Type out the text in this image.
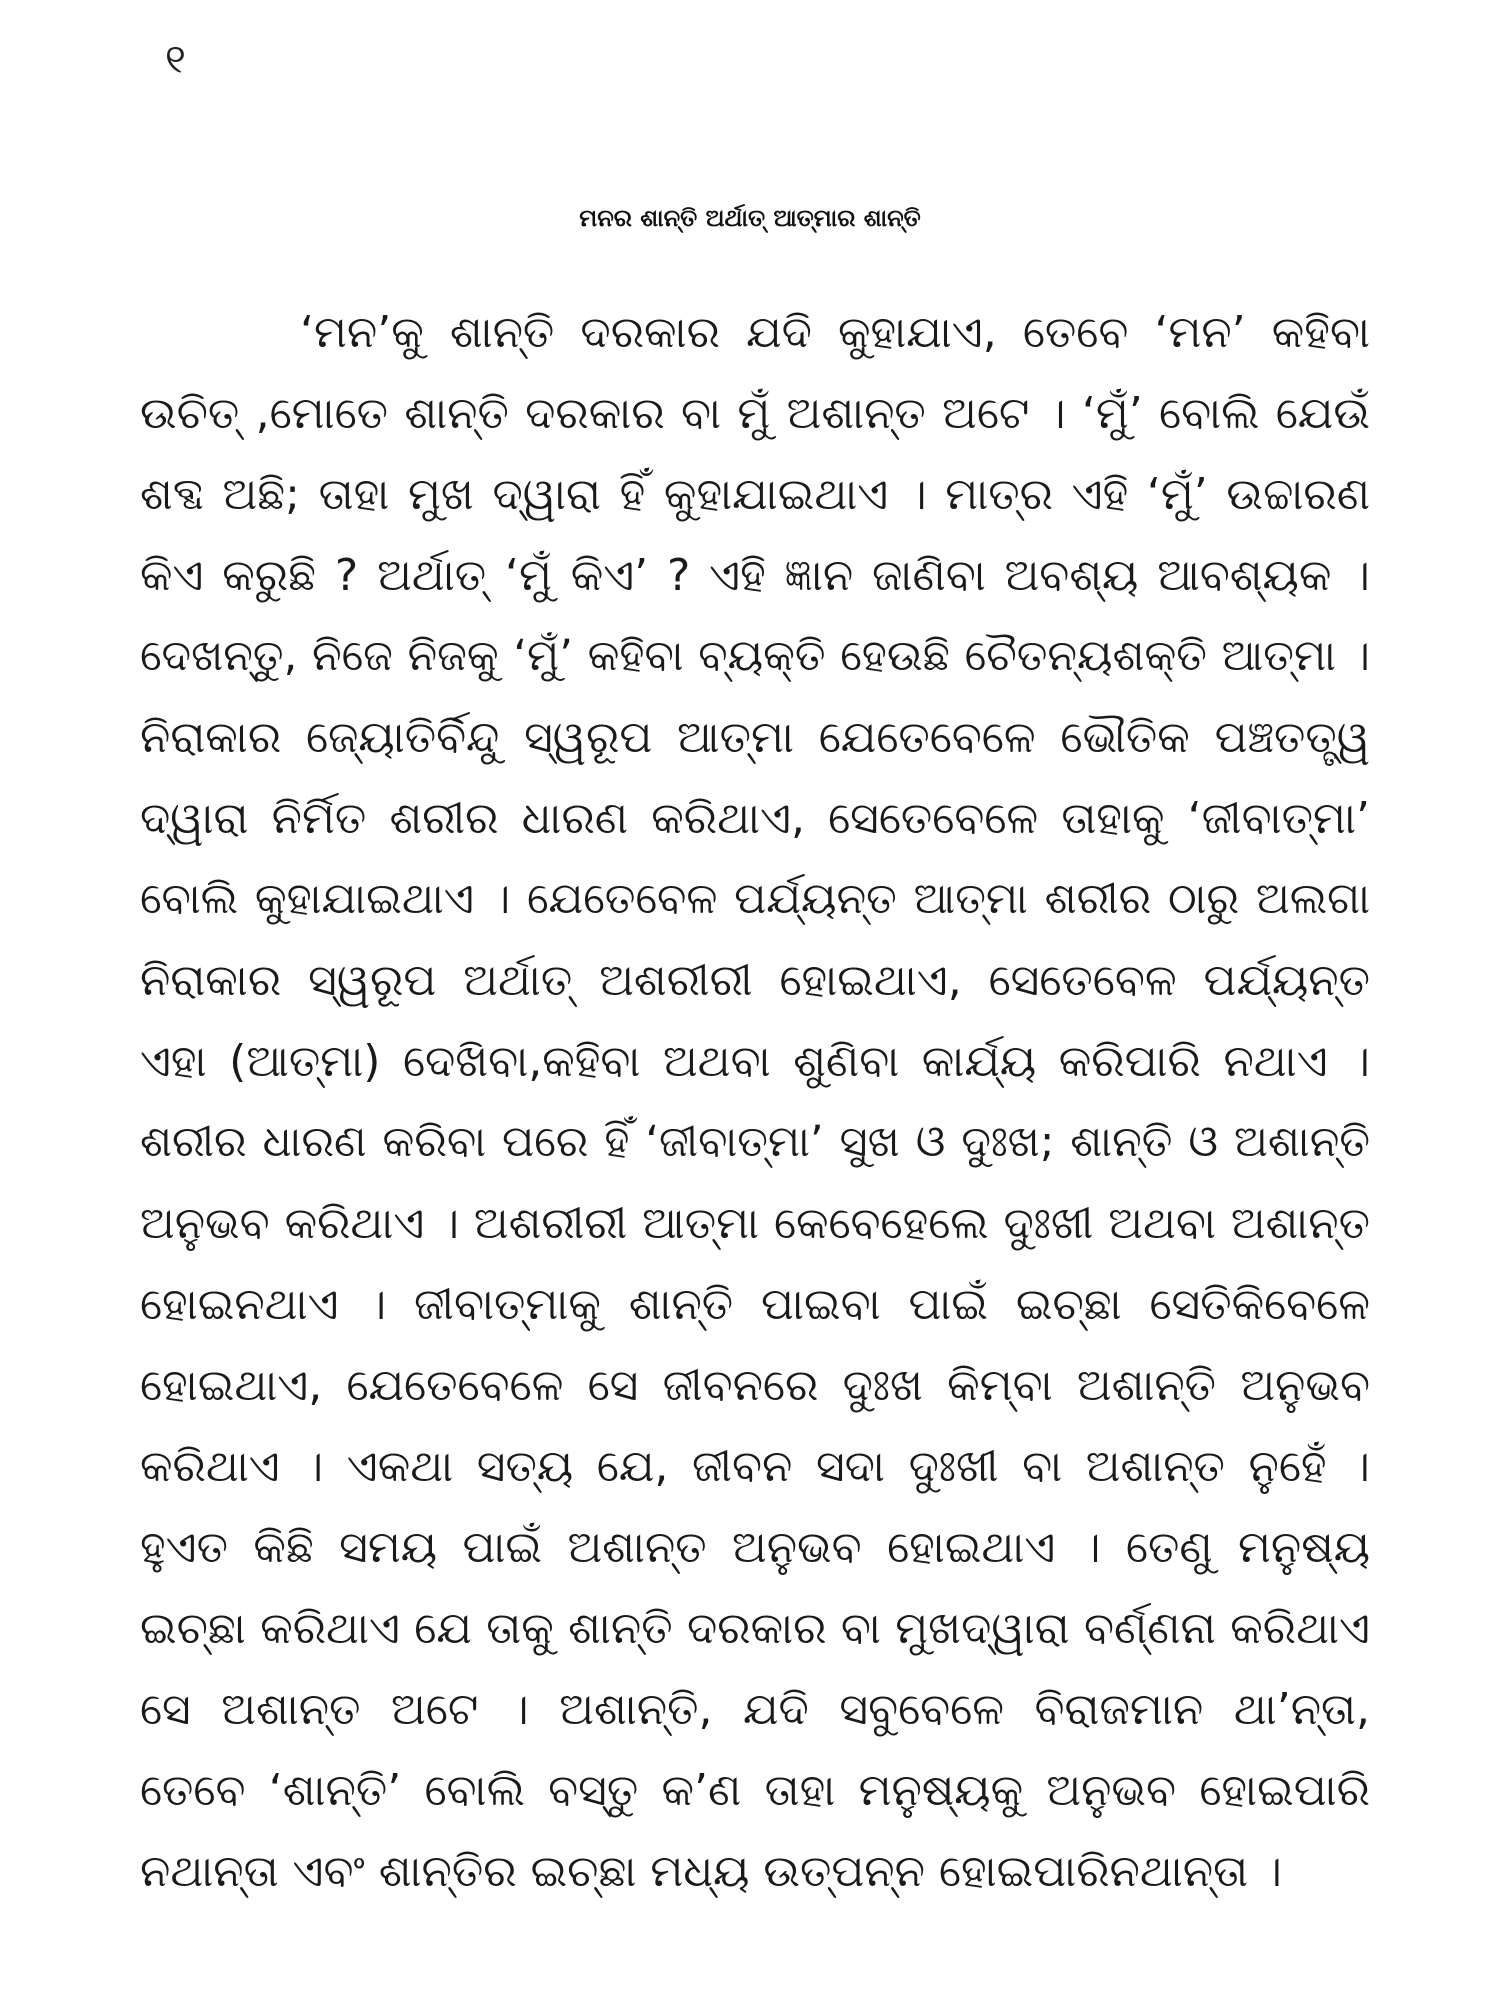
୧
ମନର ଶାନ୍ତି ଅର୍ଥାତ୍ ଆତ୍ମାର ଶାନ୍ତି
‘ମନ’କୁ ଶାନ୍ତି ଦରକାର ଯଦି କୁହାଯାଏ, ତେବେ ‘ମନ’ କହିବା
ଉଚିତ୍ ,ମୋତେ ଶାନ୍ତି ଦରକାର ବା ମୁଁ ଅଶାନ୍ତ ଅଟେ । ‘ମୁଁ’ ବୋଲି ଯେଉଁ
ଶବ୍ଦ ଅଛି; ତାହା ମୁଖ ଦ୍ୱାରା ହିଁ କୁହାଯାଇଥାଏ । ମାତ୍ର ଏହି ‘ମୁଁ’ ଉଚ୍ଚାରଣ
କିଏ କରୁଛି ? ଅର୍ଥାତ୍ ‘ମୁଁ କିଏ’ ? ଏହି ଜ୍ଞାନ ଜାଣିବା ଅବଶ୍ୟ ଆବଶ୍ୟକ ।
ଦେଖନ୍ତୁ, ନିଜେ ନିଜକୁ ‘ମୁଁ’ କହିବା ବ୍ୟକ୍ତି ହେଉଛି ଚୈତନ୍ୟଶକ୍ତି ଆତ୍ମା ।
ନିରାକାର ଜ୍ୟୋତିର୍ବିନ୍ଦୁ ସ୍ୱରୂପ ଆତ୍ମା ଯେତେବେଳେ ଭୌତିକ ପଞ୍ଚତତ୍ତ୍ୱ
ଦ୍ୱାରା ନିର୍ମିତ ଶରୀର ଧାରଣ କରିଥାଏ, ସେତେବେଳେ ତାହାକୁ ‘ଜୀବାତ୍ମା’
ବୋଲି କୁହାଯାଇଥାଏ । ଯେତେବେଳ ପର୍ଯ୍ୟନ୍ତ ଆତ୍ମା ଶରୀର ଠାରୁ ଅଲଗା
ନିରାକାର ସ୍ୱରୂପ ଅର୍ଥାତ୍ ଅଶରୀରୀ ହୋଇଥାଏ, ସେତେବେଳ ପର୍ଯ୍ୟନ୍ତ
ଏହା (ଆତ୍ମା) ଦେଖିବା,କହିବା ଅଥବା ଶୁଣିବା କାର୍ଯ୍ୟ କରିପାରି ନଥାଏ ।
ଶରୀର ଧାରଣ କରିବା ପରେ ହିଁ ‘ଜୀବାତ୍ମା’ ସୁଖ ଓ ଦୁଃଖ; ଶାନ୍ତି ଓ ଅଶାନ୍ତି
ଅନୁଭବ କରିଥାଏ । ଅଶରୀରୀ ଆତ୍ମା କେବେହେଲେ ଦୁଃଖୀ ଅଥବା ଅଶାନ୍ତ
ହୋଇନଥାଏ । ଜୀବାତ୍ମାକୁ ଶାନ୍ତି ପାଇବା ପାଇଁ ଇଚ୍ଛା ସେତିକିବେଳେ
ହୋଇଥାଏ, ଯେତେବେଳେ ସେ ଜୀବନରେ ଦୁଃଖ କିମ୍ବା ଅଶାନ୍ତି ଅନୁଭବ
କରିଥାଏ । ଏକଥା ସତ୍ୟ ଯେ, ଜୀବନ ସଦା ଦୁଃଖୀ ବା ଅଶାନ୍ତ ନୁହେଁ ।
ହୁଏତ କିଛି ସମୟ ପାଇଁ ଅଶାନ୍ତ ଅନୁଭବ ହୋଇଥାଏ । ତେଣୁ ମନୁଷ୍ୟ
ଇଚ୍ଛା କରିଥାଏ ଯେ ତାକୁ ଶାନ୍ତି ଦରକାର ବା ମୁଖଦ୍ୱାରା ବର୍ଣ୍ଣନା କରିଥାଏ
ସେ ଅଶାନ୍ତ ଅଟେ । ଅଶାନ୍ତି, ଯଦି ସବୁବେଳେ ବିରାଜମାନ ଥା’ନ୍ତା,
ତେବେ ‘ଶାନ୍ତି’ ବୋଲି ବସ୍ତୁ କ’ଣ ତାହା ମନୁଷ୍ୟକୁ ଅନୁଭବ ହୋଇପାରି
ନଥାନ୍ତା ଏବଂ ଶାନ୍ତିର ଇଚ୍ଛା ମଧ୍ୟ ଉତ୍ପନ୍ନ ହୋଇପାରିନଥାନ୍ତା ।
